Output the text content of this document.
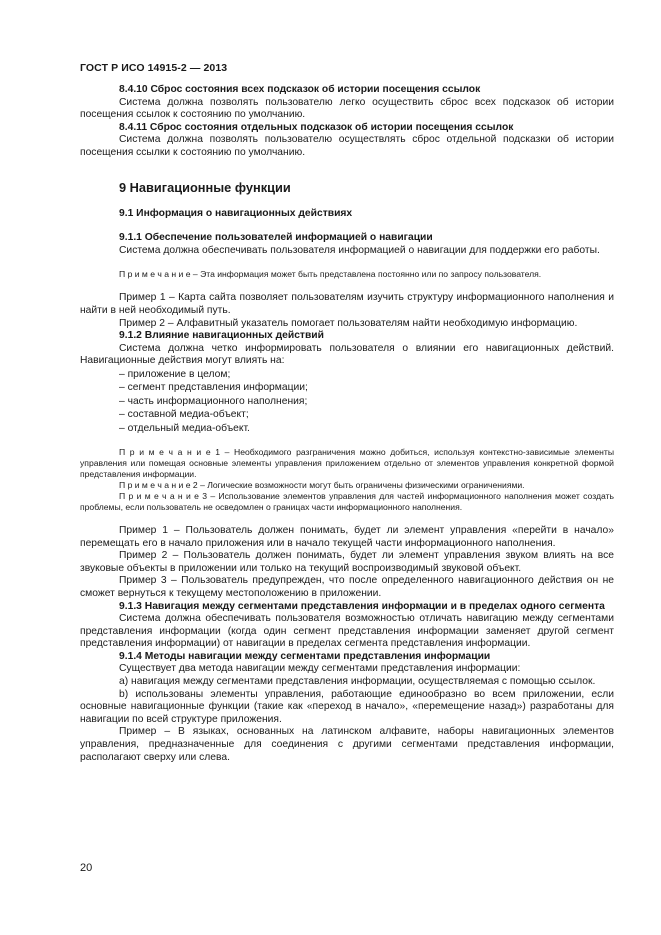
ГОСТ Р ИСО 14915-2 — 2013

8.4.10 Сброс состояния всех подсказок об истории посещения ссылок

Система должна позволять пользователю легко осуществить сброс всех подсказок об истории посещения ссылок к состоянию по умолчанию.

8.4.11 Сброс состояния отдельных подсказок об истории посещения ссылок

Система должна позволять пользователю осуществлять сброс отдельной подсказки об истории посещения ссылки к состоянию по умолчанию.

9 Навигационные функции

9.1 Информация о навигационных действиях

9.1.1 Обеспечение пользователей информацией о навигации

Система должна обеспечивать пользователя информацией о навигации для поддержки его работы.

П р и м е ч а н и е – Эта информация может быть представлена постоянно или по запросу пользователя.

Пример 1 – Карта сайта позволяет пользователям изучить структуру информационного наполнения и найти в ней необходимый путь.

Пример 2 – Алфавитный указатель помогает пользователям найти необходимую информацию.

9.1.2 Влияние навигационных действий

Система должна четко информировать пользователя о влиянии его навигационных действий. Навигационные действия могут влиять на:

– приложение в целом;
– сегмент представления информации;
– часть информационного наполнения;
– составной медиа-объект;
– отдельный медиа-объект.

П р и м е ч а н и е 1 – Необходимого разграничения можно добиться, используя контекстно-зависимые элементы управления или помещая основные элементы управления приложением отдельно от элементов управления конкретной формой представления информации.

П р и м е ч а н и е 2 – Логические возможности могут быть ограничены физическими ограничениями.

П р и м е ч а н и е 3 – Использование элементов управления для частей информационного наполнения может создать проблемы, если пользователь не осведомлен о границах части информационного наполнения.

Пример 1 – Пользователь должен понимать, будет ли элемент управления «перейти в начало» перемещать его в начало приложения или в начало текущей части информационного наполнения.

Пример 2 – Пользователь должен понимать, будет ли элемент управления звуком влиять на все звуковые объекты в приложении или только на текущий воспроизводимый звуковой объект.

Пример 3 – Пользователь предупрежден, что после определенного навигационного действия он не сможет вернуться к текущему местоположению в приложении.

9.1.3 Навигация между сегментами представления информации и в пределах одного сегмента

Система должна обеспечивать пользователя возможностью отличать навигацию между сегментами представления информации (когда один сегмент представления информации заменяет другой сегмент представления информации) от навигации в пределах сегмента представления информации.

9.1.4 Методы навигации между сегментами представления информации

Существует два метода навигации между сегментами представления информации:

а) навигация между сегментами представления информации, осуществляемая с помощью ссылок.

b) использованы элементы управления, работающие единообразно во всем приложении, если основные навигационные функции (такие как «переход в начало», «перемещение назад») разработаны для навигации по всей структуре приложения.

Пример – В языках, основанных на латинском алфавите, наборы навигационных элементов управления, предназначенные для соединения с другими сегментами представления информации, располагают сверху или слева.

20
